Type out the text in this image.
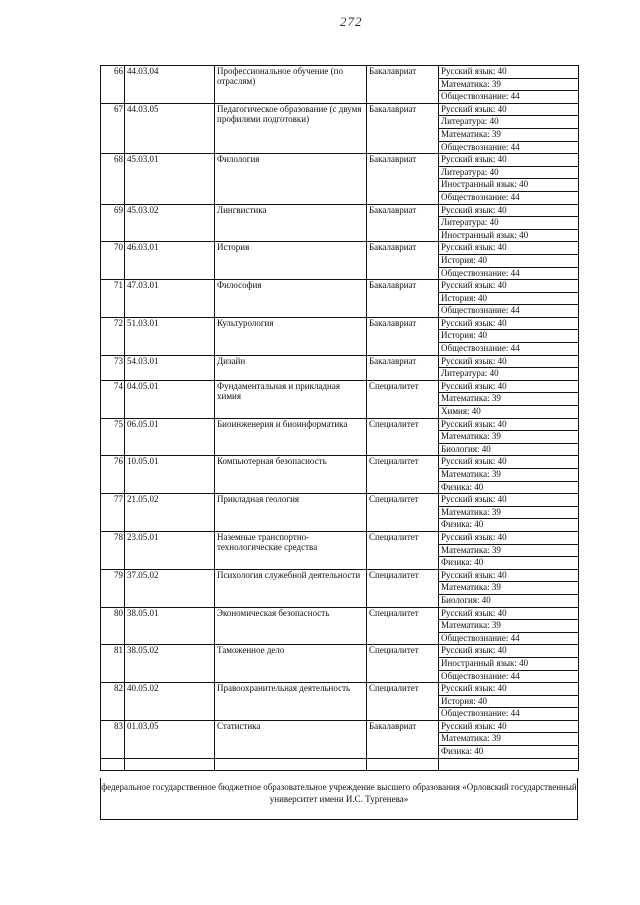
272
66	44.03.04	Профессиональное обучение (по отраслям)	Бакалавриат	Русский язык: 40
				Математика: 39
				Обществознание: 44
67	44.03.05	Педагогическое образование (с двумя профилями подготовки)	Бакалавриат	Русский язык: 40
				Литература: 40
				Математика: 39
				Обществознание: 44
68	45.03.01	Филология	Бакалавриат	Русский язык: 40
				Литература: 40
				Иностранный язык: 40
				Обществознание: 44
69	45.03.02	Лингвистика	Бакалавриат	Русский язык: 40
				Литература: 40
				Иностранный язык: 40
70	46.03.01	История	Бакалавриат	Русский язык: 40
				История: 40
				Обществознание: 44
71	47.03.01	Философия	Бакалавриат	Русский язык: 40
				История: 40
				Обществознание: 44
72	51.03.01	Культурология	Бакалавриат	Русский язык: 40
				История: 40
				Обществознание: 44
73	54.03.01	Дизайн	Бакалавриат	Русский язык: 40
				Литература: 40
74	04.05.01	Фундаментальная и прикладная химия	Специалитет	Русский язык: 40
				Математика: 39
				Химия: 40
75	06.05.01	Биоинженерия и биоинформатика	Специалитет	Русский язык: 40
				Математика: 39
				Биология: 40
76	10.05.01	Компьютерная безопасность	Специалитет	Русский язык: 40
				Математика: 39
				Физика: 40
77	21.05.02	Прикладная геология	Специалитет	Русский язык: 40
				Математика: 39
				Физика: 40
78	23.05.01	Наземные транспортно-технологические средства	Специалитет	Русский язык: 40
				Математика: 39
				Физика: 40
79	37.05.02	Психология служебной деятельности	Специалитет	Русский язык: 40
				Математика: 39
				Биология: 40
80	38.05.01	Экономическая безопасность	Специалитет	Русский язык: 40
				Математика: 39
				Обществознание: 44
81	38.05.02	Таможенное дело	Специалитет	Русский язык: 40
				Иностранный язык: 40
				Обществознание: 44
82	40.05.02	Правоохранительная деятельность	Специалитет	Русский язык: 40
				История: 40
				Обществознание: 44
83	01.03.05	Статистика	Бакалавриат	Русский язык: 40
				Математика: 39
				Физика: 40

федеральное государственное бюджетное образовательное учреждение высшего образования «Орловский государственный университет имени И.С. Тургенева»
